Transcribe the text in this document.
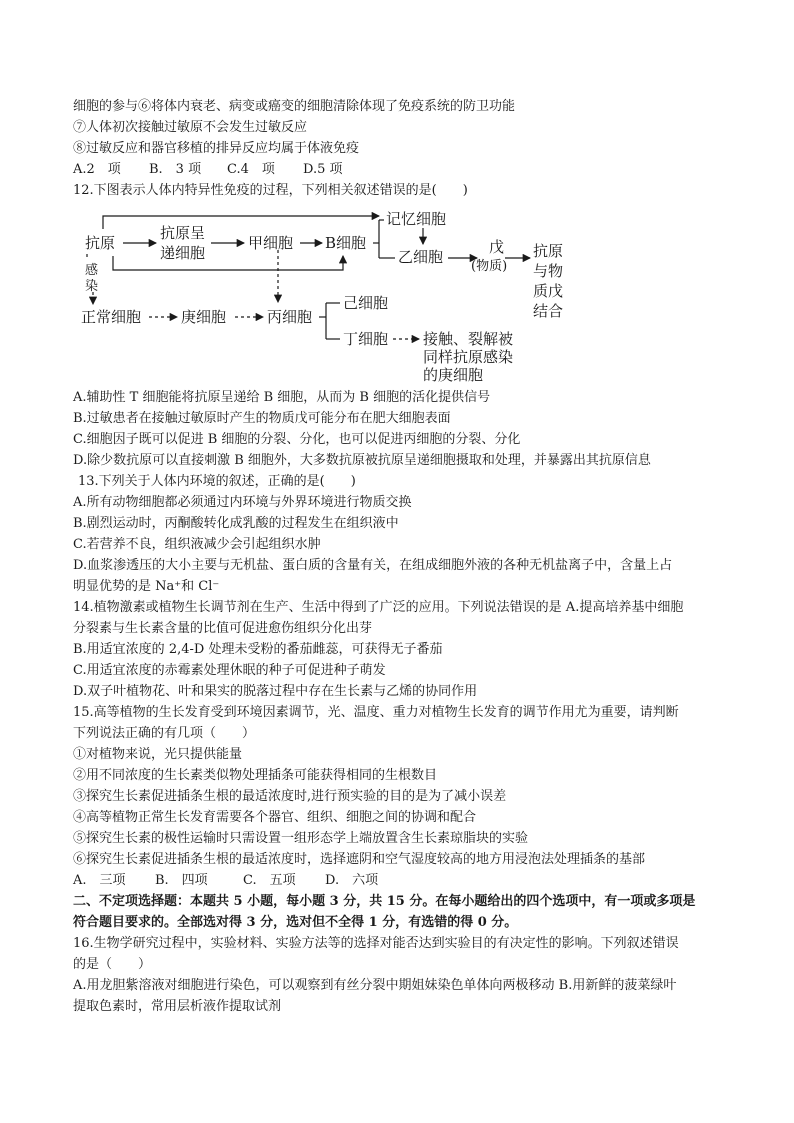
细胞的参与⑥将体内衰老、病变或癌变的细胞清除体现了免疫系统的防卫功能
⑦人体初次接触过敏原不会发生过敏反应
⑧过敏反应和器官移植的排异反应均属于体液免疫
A.2　项 B.　3 项 C.4　项 D.5 项
12.下图表示人体内特异性免疫的过程，下列相关叙述错误的是(　　)
抗原
抗原呈
递细胞
甲细胞 B细胞
记忆细胞
乙细胞
戊
(物质)
抗原
与物
质戊
结合
感
染
正常细胞	庚细胞	丙细胞
己细胞
丁细胞 接触、裂解被
同样抗原感染
的庚细胞
A.辅助性 T 细胞能将抗原呈递给 B 细胞，从而为 B 细胞的活化提供信号
B.过敏患者在接触过敏原时产生的物质戊可能分布在肥大细胞表面
C.细胞因子既可以促进 B 细胞的分裂、分化，也可以促进丙细胞的分裂、分化
D.除少数抗原可以直接刺激 B 细胞外，大多数抗原被抗原呈递细胞摄取和处理，并暴露出其抗原信息
13.下列关于人体内环境的叙述，正确的是(　　)
A.所有动物细胞都必须通过内环境与外界环境进行物质交换
B.剧烈运动时，丙酮酸转化成乳酸的过程发生在组织液中
C.若营养不良，组织液减少会引起组织水肿
D.血浆渗透压的大小主要与无机盐、蛋白质的含量有关，在组成细胞外液的各种无机盐离子中，含量上占
明显优势的是 Na⁺和 Cl⁻
14.植物激素或植物生长调节剂在生产、生活中得到了广泛的应用。下列说法错误的是 A.提高培养基中细胞
分裂素与生长素含量的比值可促进愈伤组织分化出芽
B.用适宜浓度的 2,4-D 处理未受粉的番茄雌蕊，可获得无子番茄
C.用适宜浓度的赤霉素处理休眠的种子可促进种子萌发
D.双子叶植物花、叶和果实的脱落过程中存在生长素与乙烯的协同作用
15.高等植物的生长发育受到环境因素调节，光、温度、重力对植物生长发育的调节作用尤为重要，请判断
下列说法正确的有几项（　　）
①对植物来说，光只提供能量
②用不同浓度的生长素类似物处理插条可能获得相同的生根数目
③探究生长素促进插条生根的最适浓度时,进行预实验的目的是为了减小误差
④高等植物正常生长发育需要各个器官、组织、细胞之间的协调和配合
⑤探究生长素的极性运输时只需设置一组形态学上端放置含生长素琼脂块的实验
⑥探究生长素促进插条生根的最适浓度时，选择遮阴和空气湿度较高的地方用浸泡法处理插条的基部
A.　三项 B.　四项	C.　五项 D.　六项
二、不定项选择题：本题共 5 小题，每小题 3 分，共 15 分。在每小题给出的四个选项中，有一项或多项是
符合题目要求的。全部选对得 3 分，选对但不全得 1 分，有选错的得 0 分。
16.生物学研究过程中，实验材料、实验方法等的选择对能否达到实验目的有决定性的影响。下列叙述错误
的是（　　）
A.用龙胆紫溶液对细胞进行染色，可以观察到有丝分裂中期姐妹染色单体向两极移动 B.用新鲜的菠菜绿叶
提取色素时，常用层析液作提取试剂
